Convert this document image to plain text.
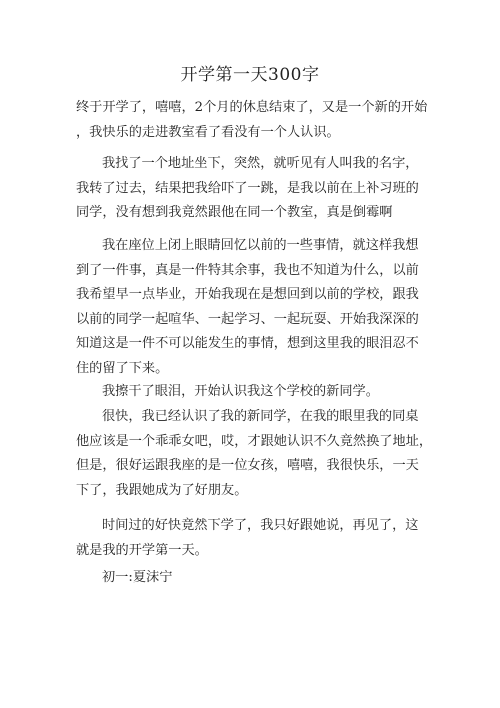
开学第一天300字
终于开学了，嘻嘻，2个月的休息结束了，又是一个新的开始
，我快乐的走进教室看了看没有一个人认识。
我找了一个地址坐下，突然，就听见有人叫我的名字，
我转了过去，结果把我给吓了一跳，是我以前在上补习班的
同学，没有想到我竟然跟他在同一个教室，真是倒霉啊
我在座位上闭上眼睛回忆以前的一些事情，就这样我想
到了一件事，真是一件特其余事，我也不知道为什么，以前
我希望早一点毕业，开始我现在是想回到以前的学校，跟我
以前的同学一起喧华、一起学习、一起玩耍、开始我深深的
知道这是一件不可以能发生的事情，想到这里我的眼泪忍不
住的留了下来。
我擦干了眼泪，开始认识我这个学校的新同学。
很快，我已经认识了我的新同学，在我的眼里我的同桌
他应该是一个乖乖女吧，哎，才跟她认识不久竟然换了地址，
但是，很好运跟我座的是一位女孩，嘻嘻，我很快乐，一天
下了，我跟她成为了好朋友。
时间过的好快竟然下学了，我只好跟她说，再见了，这
就是我的开学第一天。
初一:夏沫宁
